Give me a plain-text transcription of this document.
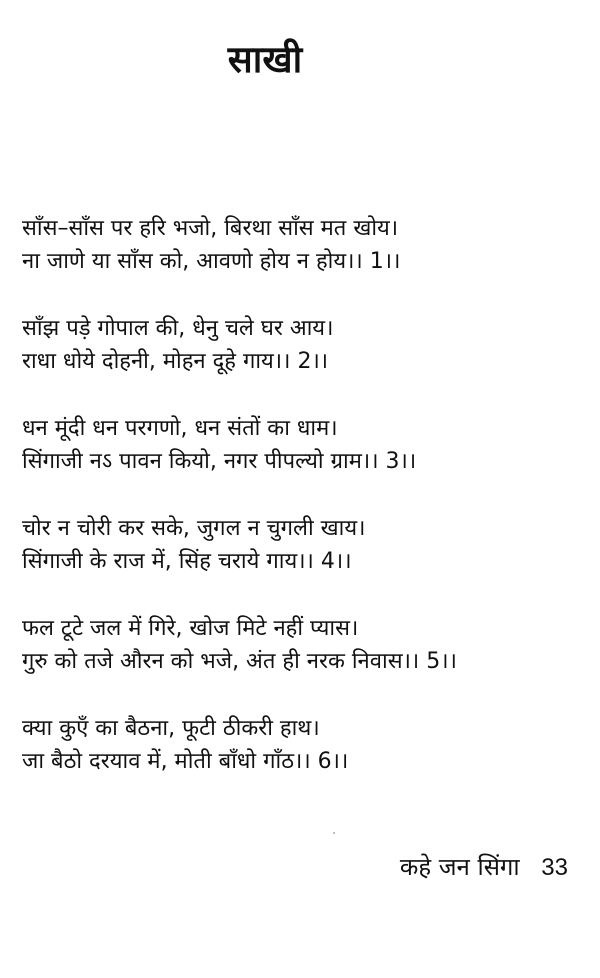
साखी
साँस–साँस पर हरि भजो, बिरथा साँस मत खोय।
ना जाणे या साँस को, आवणो होय न होय।। 1।।
साँझ पड़े गोपाल की, धेनु चले घर आय।
राधा धोये दोहनी, मोहन दूहे गाय।। 2।।
धन मूंदी धन परगणो, धन संतों का धाम।
सिंगाजी नऽ पावन कियो, नगर पीपल्यो ग्राम।। 3।।
चोर न चोरी कर सके, जुगल न चुगली खाय।
सिंगाजी के राज में, सिंह चराये गाय।। 4।।
फल टूटे जल में गिरे, खोज मिटे नहीं प्यास।
गुरु को तजे औरन को भजे, अंत ही नरक निवास।। 5।।
क्या कुएँ का बैठना, फूटी ठीकरी हाथ।
जा बैठो दरयाव में, मोती बाँधो गाँठ।। 6।।
कहे जन सिंगा 33
